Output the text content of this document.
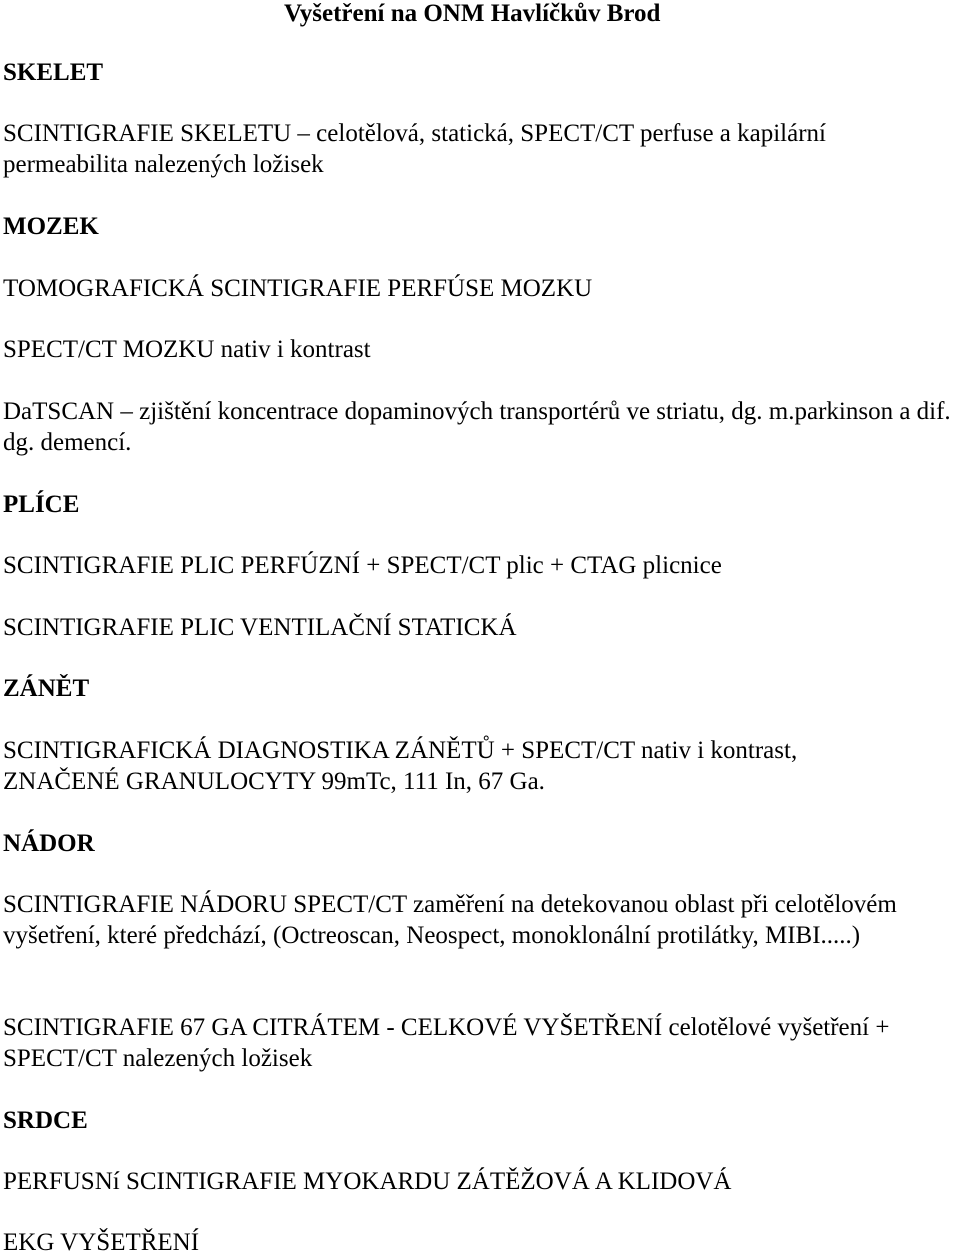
Vyšetření na ONM Havlíčkův Brod
SKELET
SCINTIGRAFIE SKELETU – celotělová, statická, SPECT/CT perfuse a kapilární permeabilita nalezených ložisek
MOZEK
TOMOGRAFICKÁ SCINTIGRAFIE PERFÚSE MOZKU
SPECT/CT MOZKU nativ i kontrast
DaTSCAN – zjištění koncentrace dopaminových transportérů ve striatu, dg. m.parkinson a dif. dg. demencí.
PLÍCE
SCINTIGRAFIE PLIC PERFÚZNÍ + SPECT/CT plic + CTAG plicnice
SCINTIGRAFIE PLIC VENTILAČNÍ STATICKÁ
ZÁNĚT
SCINTIGRAFICKÁ DIAGNOSTIKA ZÁNĚTŮ + SPECT/CT nativ i kontrast, ZNAČENÉ GRANULOCYTY 99mTc, 111 In, 67 Ga.
NÁDOR
SCINTIGRAFIE NÁDORU SPECT/CT zaměření na detekovanou oblast při celotělovém vyšetření, které předchází, (Octreoscan, Neospect, monoklonální protilátky, MIBI.....)
SCINTIGRAFIE 67 GA CITRÁTEM - CELKOVÉ VYŠETŘENÍ celotělové vyšetření + SPECT/CT nalezených ložisek
SRDCE
PERFUSNí SCINTIGRAFIE MYOKARDU ZÁTĚŽOVÁ A KLIDOVÁ
EKG VYŠETŘENÍ
